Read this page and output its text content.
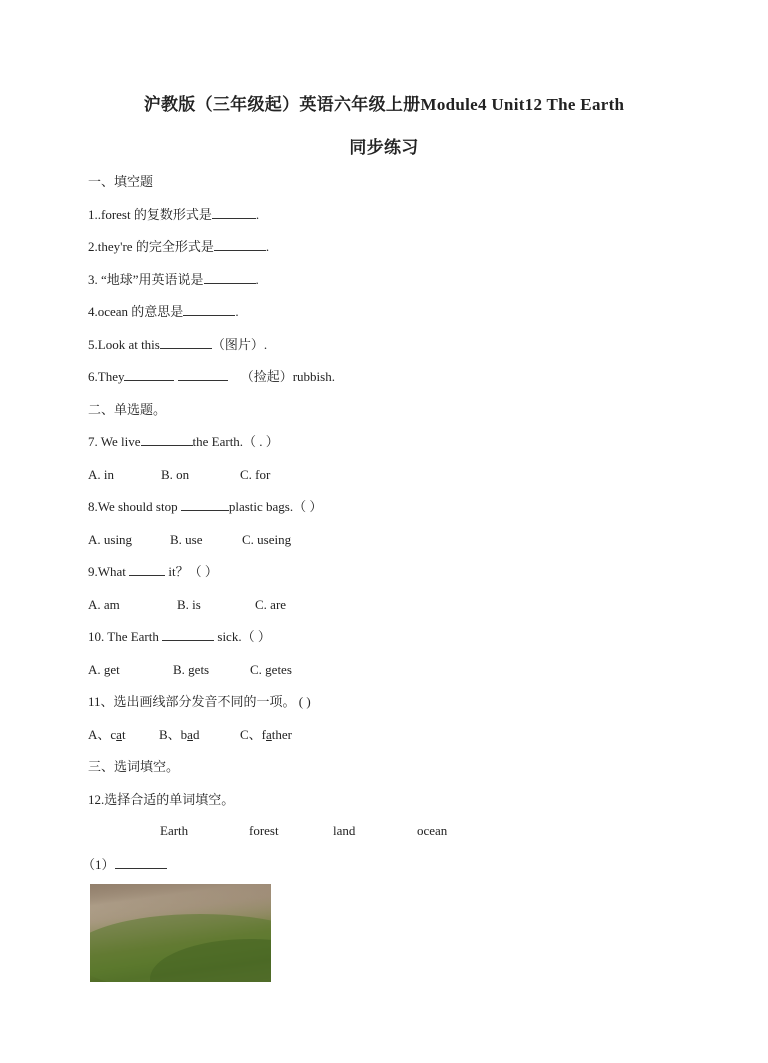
沪教版（三年级起）英语六年级上册Module4 Unit12 The Earth
同步练习
一、填空题
1..forest 的复数形式是	.
2.they're 的完全形式是	.
3. “地球”用英语说是	.
4.ocean 的意思是	.
5.Look at this	（图片）.
6.They	（捡起）rubbish.
二、单选题。
7. We live	the Earth.（ . ）
A. in	B. on	C. for
8.We should stop	plastic bags.（ ）
A. using	B. use	C. useing
9.What	it？（ ）
A. am	B. is	C. are
10. The Earth	sick.（ ）
A. get	B. gets	C. getes
11、选出画线部分发音不同的一项。 ( )
A、cat	B、bad	C、father
三、选词填空。
12.选择合适的单词填空。
Earth	forest	land	ocean
（1）
